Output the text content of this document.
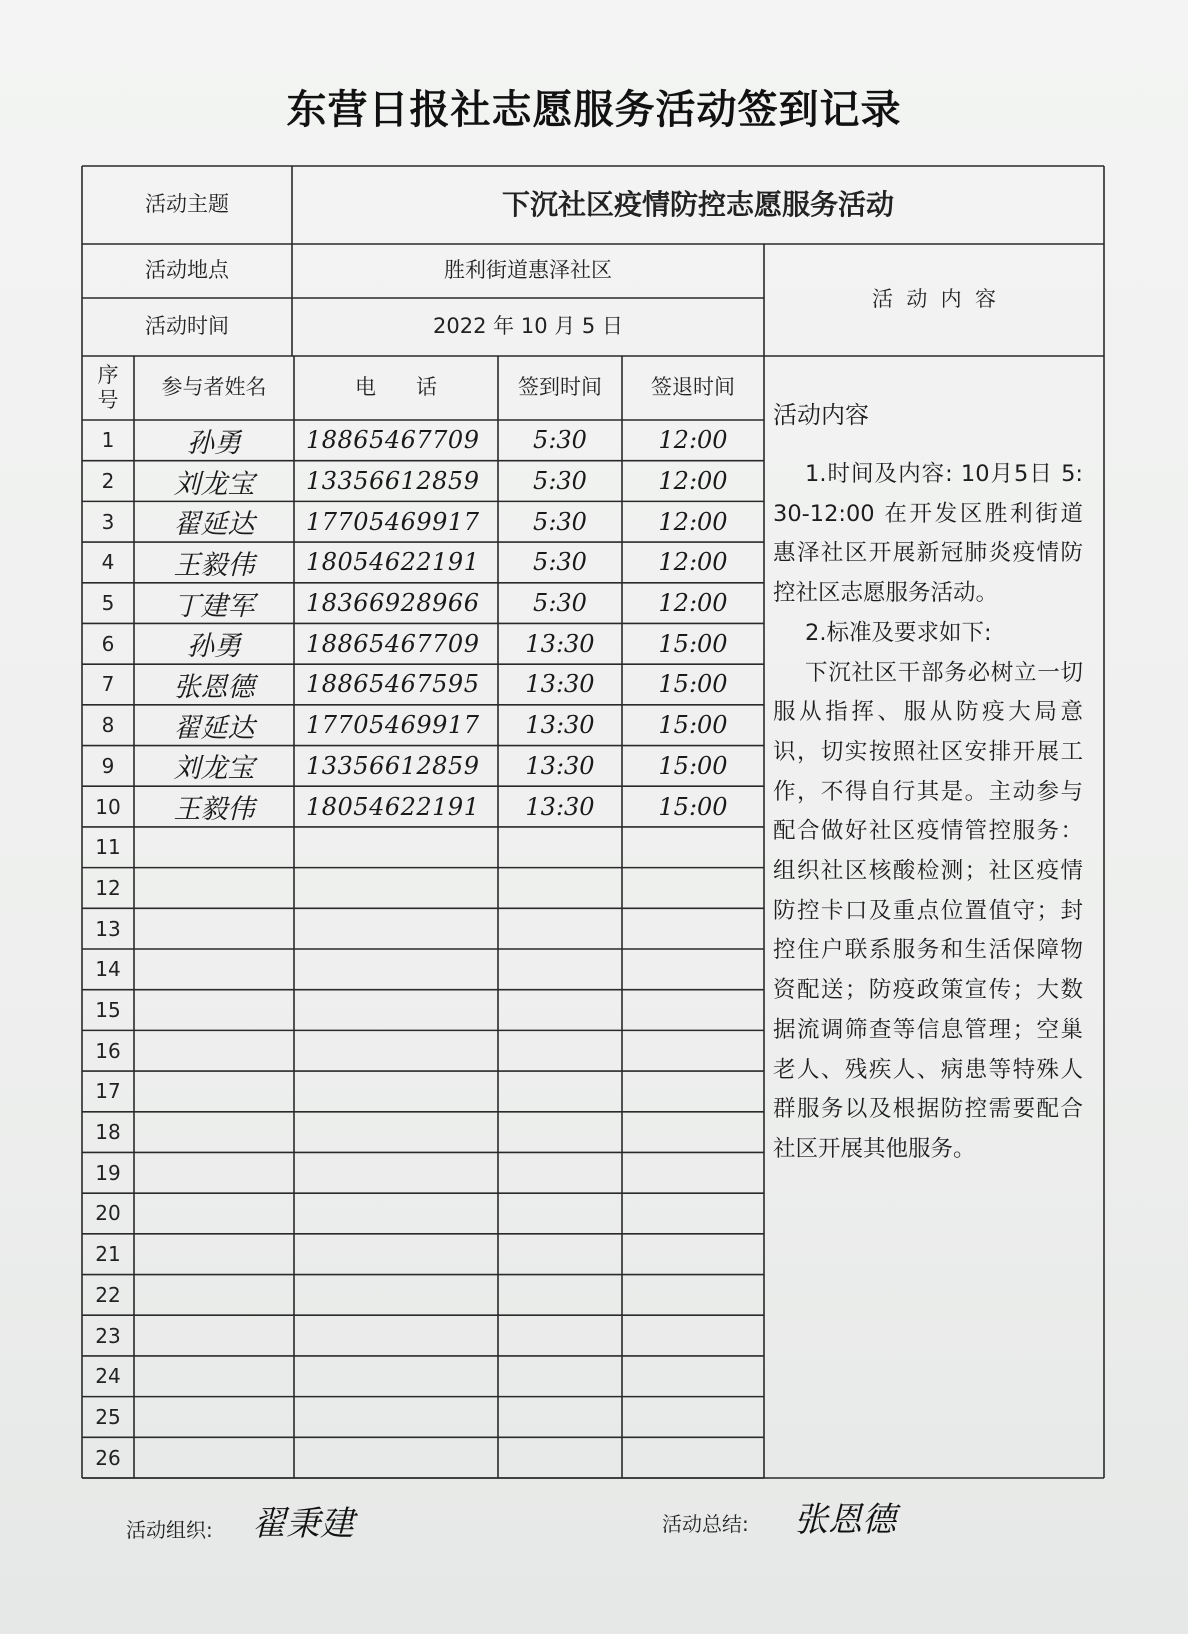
东营日报社志愿服务活动签到记录
活动主题	下沉社区疫情防控志愿服务活动
活动地点	胜利街道惠泽社区
活动时间	2022 年 10 月 5 日
活  动  内  容
序
号
参与者姓名	电      话	签到时间	签退时间
1	孙勇	18865467709	5:30	12:00
2	刘龙宝	13356612859	5:30	12:00
3	翟延达	17705469917	5:30	12:00
4	王毅伟	18054622191	5:30	12:00
5	丁建军	18366928966	5:30	12:00
6	孙勇	18865467709	13:30	15:00
7	张恩德	18865467595	13:30	15:00
8	翟延达	17705469917	13:30	15:00
9	刘龙宝	13356612859	13:30	15:00
10	王毅伟	18054622191	13:30	15:00
11
12
13
14
15
16
17
18
19
20
21
22
23
24
25
26
活动内容

1.时间及内容: 10月5日 5:30-12:00 在开发区胜利街道惠泽社区开展新冠肺炎疫情防控社区志愿服务活动。

2.标准及要求如下:

下沉社区干部务必树立一切服从指挥、服从防疫大局意识，切实按照社区安排开展工作，不得自行其是。主动参与配合做好社区疫情管控服务：组织社区核酸检测；社区疫情防控卡口及重点位置值守；封控住户联系服务和生活保障物资配送；防疫政策宣传；大数据流调筛查等信息管理；空巢老人、残疾人、病患等特殊人群服务以及根据防控需要配合社区开展其他服务。

活动组织: 翟秉建	活动总结: 张恩德
